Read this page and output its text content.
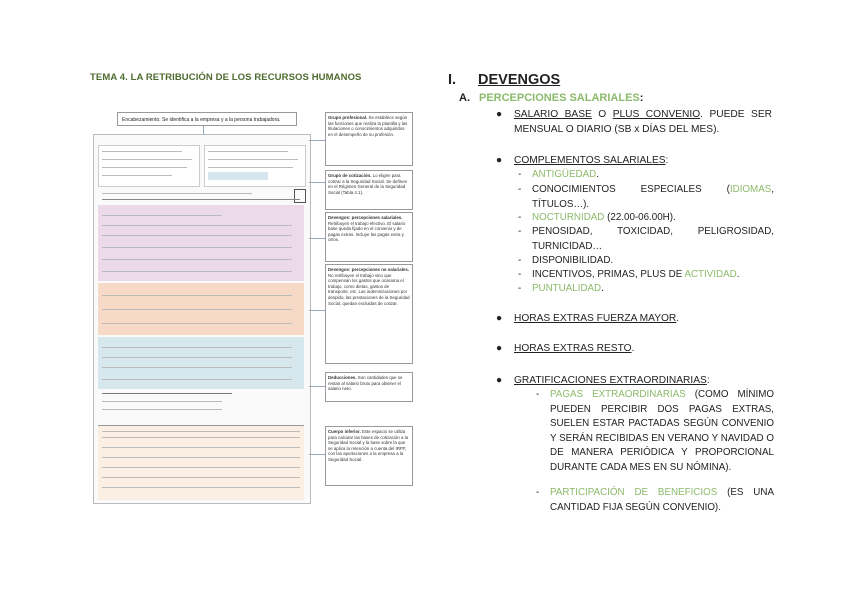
TEMA 4. LA RETRIBUCIÓN DE LOS RECURSOS HUMANOS
Encabezamiento. Se identifica a la empresa y a la persona trabajadora.	Grupo profesional. Se establece según las funciones que realiza la plantilla y las titulaciones o conocimientos adquiridos en el desempeño de su profesión.
Grupo de cotización. Lo eligen para cotizar a la Seguridad Social. Se definen en el Régimen General de la Seguridad Social (Tabla 4.1).
Devengos: percepciones salariales. Retribuyen el trabajo efectivo. El salario base queda fijado en el convenio y de pagas extras. Incluye las pagas extra y otros.
Devengos: percepciones no salariales. No retribuyen el trabajo sino que compensan los gastos que ocasiona el trabajo, como dietas, gastos de transporte, etc. Las indemnizaciones por despido, las prestaciones de la Seguridad Social, quedan excluidas de cotizar.
Deducciones. Son cantidades que se restan al salario bruto para obtener el salario neto.
Cuerpo inferior. Este espacio se utiliza para calcular las bases de cotización a la Seguridad Social y la base sobre la que se aplica la retención a cuenta del IRPF, con las aportaciones a la empresa a la Seguridad Social.
I. DEVENGOS
A. PERCEPCIONES SALARIALES:
● SALARIO BASE O PLUS CONVENIO. PUEDE SER MENSUAL O DIARIO (SB x DÍAS DEL MES).
● COMPLEMENTOS SALARIALES:
- ANTIGÜEDAD.
- CONOCIMIENTOS ESPECIALES (IDIOMAS, TÍTULOS…).
- NOCTURNIDAD (22.00-06.00H).
- PENOSIDAD, TOXICIDAD, PELIGROSIDAD, TURNICIDAD…
- DISPONIBILIDAD.
- INCENTIVOS, PRIMAS, PLUS DE ACTIVIDAD.
- PUNTUALIDAD.
● HORAS EXTRAS FUERZA MAYOR.
● HORAS EXTRAS RESTO.
● GRATIFICACIONES EXTRAORDINARIAS:
- PAGAS EXTRAORDINARIAS (COMO MÍNIMO PUEDEN PERCIBIR DOS PAGAS EXTRAS, SUELEN ESTAR PACTADAS SEGÚN CONVENIO Y SERÁN RECIBIDAS EN VERANO Y NAVIDAD O DE MANERA PERIÓDICA Y PROPORCIONAL DURANTE CADA MES EN SU NÓMINA).
- PARTICIPACIÓN DE BENEFICIOS (ES UNA CANTIDAD FIJA SEGÚN CONVENIO).
